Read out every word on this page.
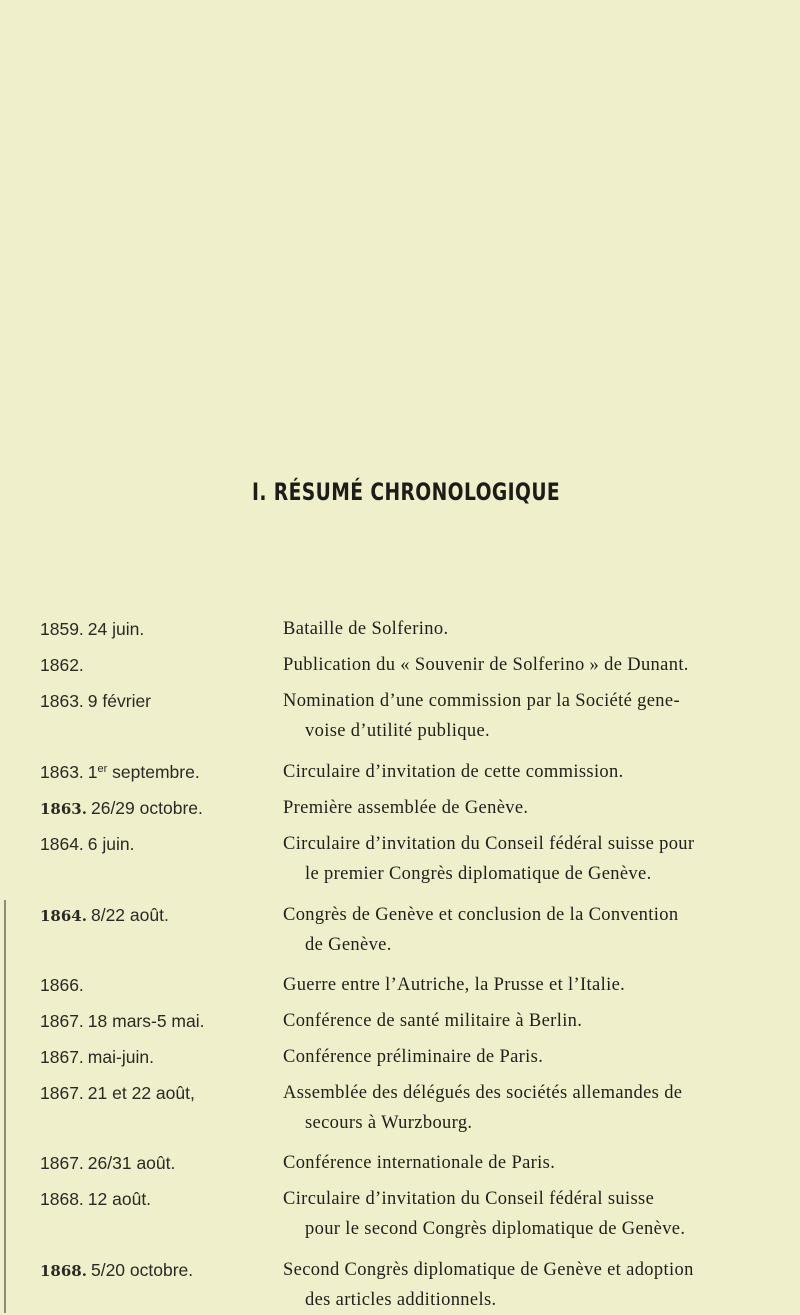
I. RÉSUMÉ CHRONOLOGIQUE
1859. 24 juin.	Bataille de Solferino.
1862.	Publication du « Souvenir de Solferino » de Dunant.
1863. 9 février	Nomination d’une commission par la Société gene-
voise d’utilité publique.
1863. 1er septembre.	Circulaire d’invitation de cette commission.
1863. 26/29 octobre.	Première assemblée de Genève.
1864. 6 juin.	Circulaire d’invitation du Conseil fédéral suisse pour
le premier Congrès diplomatique de Genève.
1864. 8/22 août.	Congrès de Genève et conclusion de la Convention
de Genève.
1866.	Guerre entre l’Autriche, la Prusse et l’Italie.
1867. 18 mars-5 mai.	Conférence de santé militaire à Berlin.
1867. mai-juin.	Conférence préliminaire de Paris.
1867. 21 et 22 août,	Assemblée des délégués des sociétés allemandes de
secours à Wurzbourg.
1867. 26/31 août.	Conférence internationale de Paris.
1868. 12 août.	Circulaire d’invitation du Conseil fédéral suisse
pour le second Congrès diplomatique de Genève.
1868. 5/20 octobre.	Second Congrès diplomatique de Genève et adoption
des articles additionnels.
